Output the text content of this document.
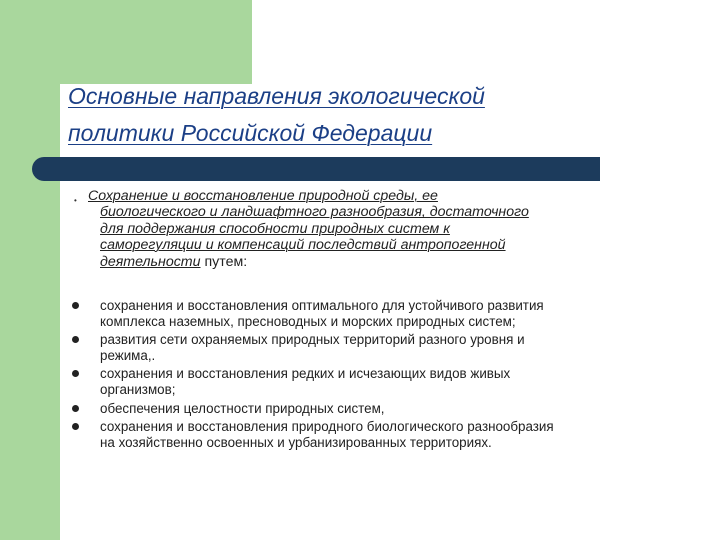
Основные направления экологической
политики Российской Федерации
• Сохранение и восстановление природной среды, ее
биологического и ландшафтного разнообразия, достаточного
для поддержания способности природных систем к
саморегуляции и компенсаций последствий антропогенной
деятельности путем:
сохранения и восстановления оптимального для устойчивого развития
комплекса наземных, пресноводных и морских природных систем;
развития сети охраняемых природных территорий разного уровня и
режима,.
сохранения и восстановления редких и исчезающих видов живых
организмов;
обеспечения целостности природных систем,
сохранения и восстановления природного биологического разнообразия
на хозяйственно освоенных и урбанизированных территориях.
